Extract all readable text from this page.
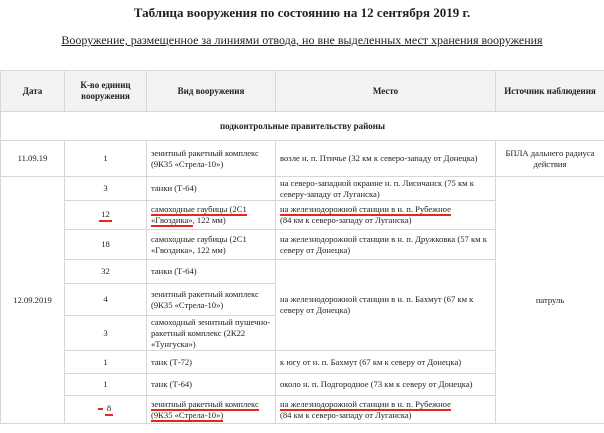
Таблица вооружения по состоянию на 12 сентября 2019 г.
Вооружение, размещенное за линиями отвода, но вне выделенных мест хранения вооружения
Дата	К-во единиц вооружения	Вид вооружения	Место	Источник наблюдения
подконтрольные правительству районы				
11.09.19	1	зенитный ракетный комплекс (9К35 «Стрела-10»)	возле н. п. Птичье (32 км к северо-западу от Донецка)	БПЛА дальнего радиуса действия
12.09.2019	3	танки (Т-64)	на северо-западной окраине н. п. Лисичанск (75 км к северу-западу от Луганска)	патруль
	12	самоходные гаубицы (2С1 «Гвоздика», 122 мм)	на железнодорожной станции в н. п. Рубежное
(84 км к северо-западу от Луганска)	
	18	самоходные гаубицы (2С1 «Гвоздика», 122 мм)	на железнодорожной станции в н. п. Дружковка (57 км к северу от Донецка)	
	32	танки (Т-64)	на железнодорожной станции в н. п. Бахмут (67 км к северу от Донецка)	
	4	зенитный ракетный комплекс (9К35 «Стрела-10»)		
	3	самоходный зенитный пушечно-ракетный комплекс (2К22 «Тунгуска»)		
	1	танк (Т-72)	к югу от н. п. Бахмут (67 км к северу от Донецка)	
	1	танк (Т-64)	около н. п. Подгородное (73 км к северу от Донецка)	
	8	зенитный ракетный комплекс
(9К35 «Стрела-10»)	на железнодорожной станции в н. п. Рубежное
(84 км к северо-западу от Луганска)	
